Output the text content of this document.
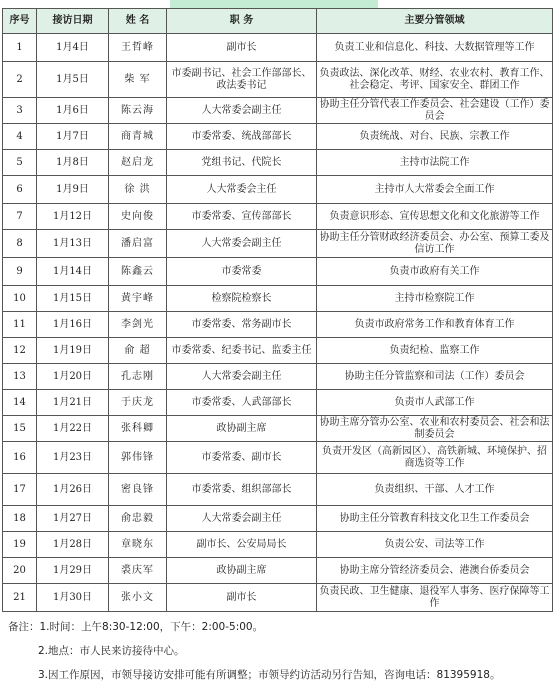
序号	接访日期	姓 名	职 务	主要分管领域
1	1月4日	王哲峰	副市长	负责工业和信息化、科技、大数据管理等工作
2	1月5日	柴 军	市委副书记、社会工作部部长、政法委书记	负责政法、深化改革、财经、农业农村、教育工作、社会稳定、考评、国家安全、群团工作
3	1月6日	陈云海	人大常委会副主任	协助主任分管代表工作委员会、社会建设（工作）委员会
4	1月7日	商青城	市委常委、统战部部长	负责统战、对台、民族、宗教工作
5	1月8日	赵启龙	党组书记、代院长	主持市法院工作
6	1月9日	徐 洪	人大常委会主任	主持市人大常委会全面工作
7	1月12日	史向俊	市委常委、宣传部部长	负责意识形态、宣传思想文化和文化旅游等工作
8	1月13日	潘启富	人大常委会副主任	协助主任分管财政经济委员会、办公室、预算工委及信访工作
9	1月14日	陈鑫云	市委常委	负责市政府有关工作
10	1月15日	黄宇峰	检察院检察长	主持市检察院工作
11	1月16日	李剑光	市委常委、常务副市长	负责市政府常务工作和教育体育工作
12	1月19日	俞 超	市委常委、纪委书记、监委主任	负责纪检、监察工作
13	1月20日	孔志刚	人大常委会副主任	协助主任分管监察和司法（工作）委员会
14	1月21日	于庆龙	市委常委、人武部部长	负责市人武部工作
15	1月22日	张科卿	政协副主席	协助主席分管办公室、农业和农村委员会、社会和法制委员会
16	1月23日	郭伟锋	市委常委、副市长	负责开发区（高新园区）、高铁新城、环境保护、招商选资等工作
17	1月26日	密良锋	市委常委、组织部部长	负责组织、干部、人才工作
18	1月27日	俞忠毅	人大常委会副主任	协助主任分管教育科技文化卫生工作委员会
19	1月28日	章晓东	副市长、公安局局长	负责公安、司法等工作
20	1月29日	裘庆军	政协副主席	协助主席分管经济委员会、港澳台侨委员会
21	1月30日	张小文	副市长	负责民政、卫生健康、退役军人事务、医疗保障等工作
备注：1.时间：上午8:30-12:00，下午：2:00-5:00。
2.地点：市人民来访接待中心。
3.因工作原因，市领导接访安排可能有所调整；市领导约访活动另行告知，咨询电话：81395918。
